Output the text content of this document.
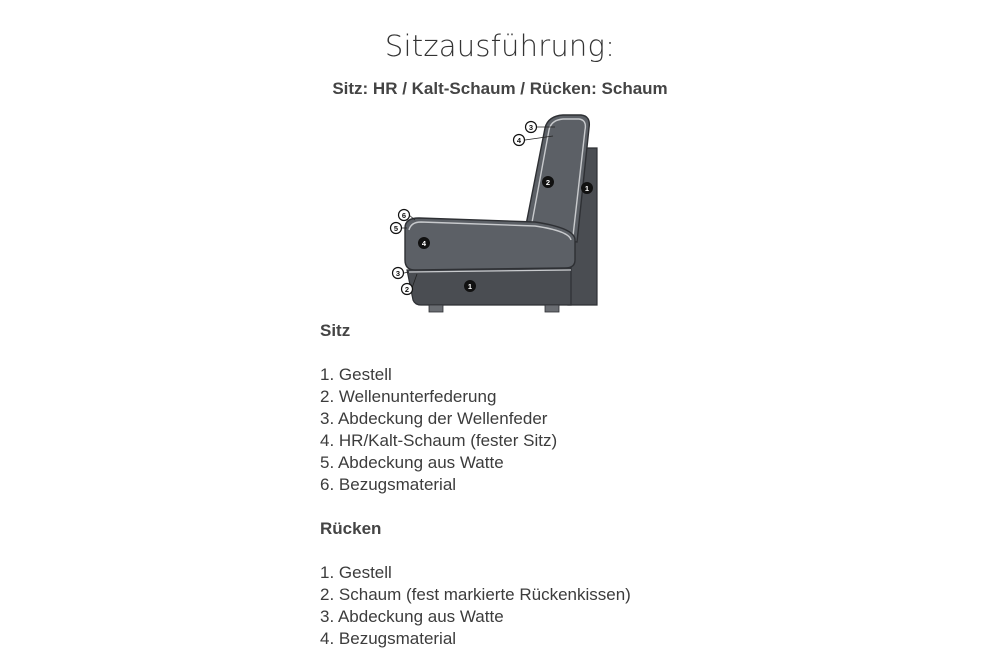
Sitzausführung:
Sitz: HR / Kalt-Schaum / Rücken: Schaum
3
4
2
1
6
5
4
3
2	1
Sitz
1. Gestell
2. Wellenunterfederung
3. Abdeckung der Wellenfeder
4. HR/Kalt-Schaum (fester Sitz)
5. Abdeckung aus Watte
6. Bezugsmaterial
Rücken
1. Gestell
2. Schaum (fest markierte Rückenkissen)
3. Abdeckung aus Watte
4. Bezugsmaterial
